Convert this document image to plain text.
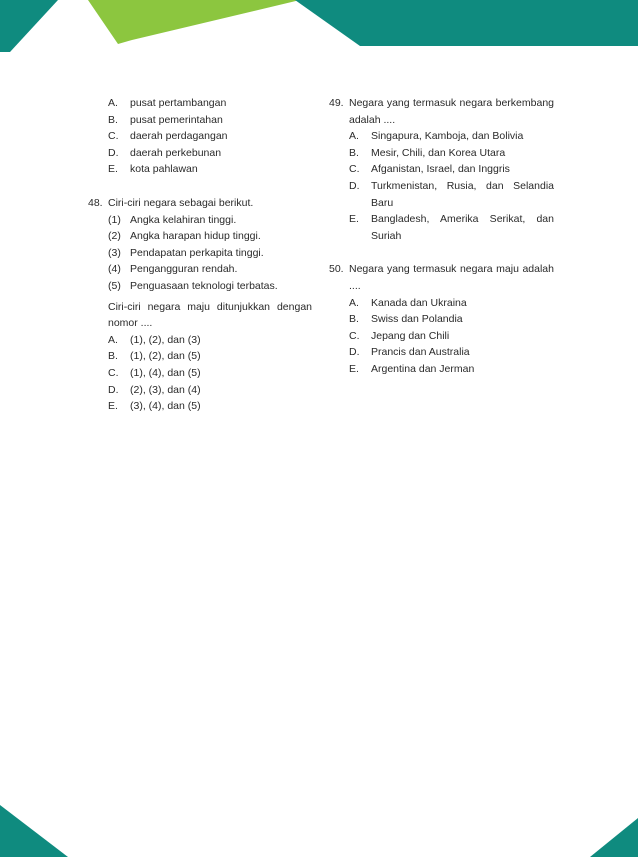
A.	pusat pertambangan
B.	pusat pemerintahan
C.	daerah perdagangan
D.	daerah perkebunan
E.	kota pahlawan
48. Ciri-ciri negara sebagai berikut.
(1) Angka kelahiran tinggi.
(2) Angka harapan hidup tinggi.
(3) Pendapatan perkapita tinggi.
(4) Pengangguran rendah.
(5) Penguasaan teknologi terbatas.
Ciri-ciri negara maju ditunjukkan dengan nomor ....
A.	(1), (2), dan (3)
B.	(1), (2), dan (5)
C.	(1), (4), dan (5)
D.	(2), (3), dan (4)
E.	(3), (4), dan (5)
49. Negara yang termasuk negara berkembang adalah ....
A.	Singapura, Kamboja, dan Bolivia
B.	Mesir, Chili, dan Korea Utara
C.	Afganistan, Israel, dan Inggris
D.	Turkmenistan, Rusia, dan Selandia Baru
E.	Bangladesh, Amerika Serikat, dan Suriah
50. Negara yang termasuk negara maju adalah ....
A.	Kanada dan Ukraina
B.	Swiss dan Polandia
C.	Jepang dan Chili
D.	Prancis dan Australia
E.	Argentina dan Jerman
